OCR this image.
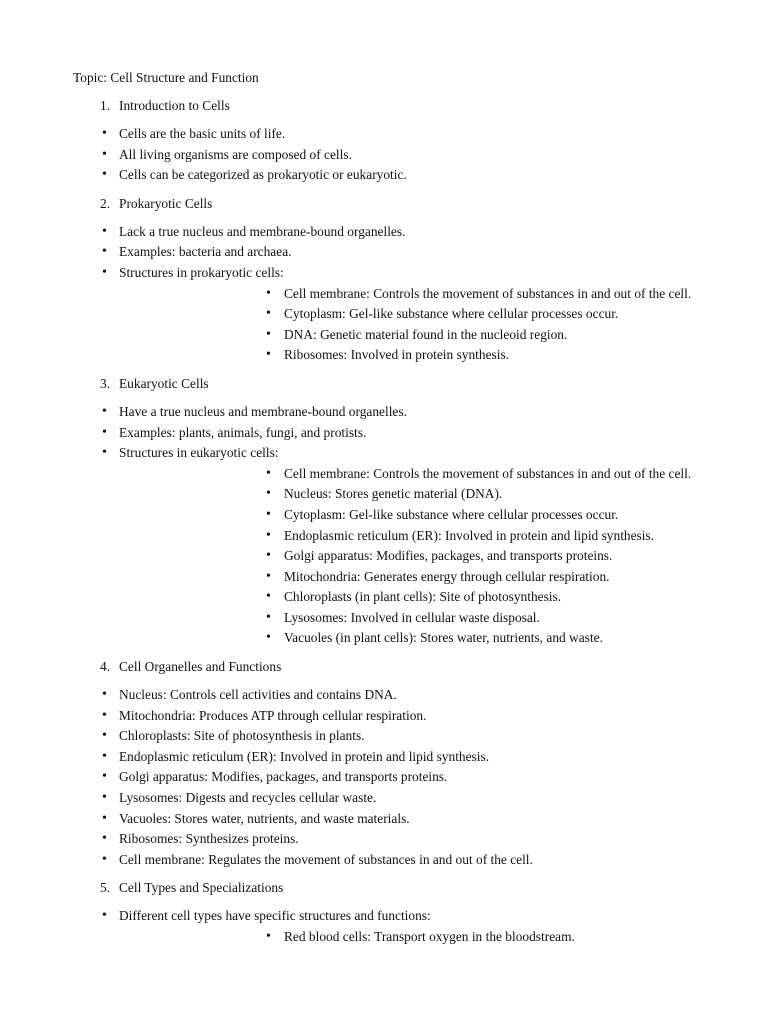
Topic: Cell Structure and Function
1. Introduction to Cells
• Cells are the basic units of life.
• All living organisms are composed of cells.
• Cells can be categorized as prokaryotic or eukaryotic.
2. Prokaryotic Cells
• Lack a true nucleus and membrane-bound organelles.
• Examples: bacteria and archaea.
• Structures in prokaryotic cells:
• Cell membrane: Controls the movement of substances in and out of the cell.
• Cytoplasm: Gel-like substance where cellular processes occur.
• DNA: Genetic material found in the nucleoid region.
• Ribosomes: Involved in protein synthesis.
3. Eukaryotic Cells
• Have a true nucleus and membrane-bound organelles.
• Examples: plants, animals, fungi, and protists.
• Structures in eukaryotic cells:
• Cell membrane: Controls the movement of substances in and out of the cell.
• Nucleus: Stores genetic material (DNA).
• Cytoplasm: Gel-like substance where cellular processes occur.
• Endoplasmic reticulum (ER): Involved in protein and lipid synthesis.
• Golgi apparatus: Modifies, packages, and transports proteins.
• Mitochondria: Generates energy through cellular respiration.
• Chloroplasts (in plant cells): Site of photosynthesis.
• Lysosomes: Involved in cellular waste disposal.
• Vacuoles (in plant cells): Stores water, nutrients, and waste.
4. Cell Organelles and Functions
• Nucleus: Controls cell activities and contains DNA.
• Mitochondria: Produces ATP through cellular respiration.
• Chloroplasts: Site of photosynthesis in plants.
• Endoplasmic reticulum (ER): Involved in protein and lipid synthesis.
• Golgi apparatus: Modifies, packages, and transports proteins.
• Lysosomes: Digests and recycles cellular waste.
• Vacuoles: Stores water, nutrients, and waste materials.
• Ribosomes: Synthesizes proteins.
• Cell membrane: Regulates the movement of substances in and out of the cell.
5. Cell Types and Specializations
• Different cell types have specific structures and functions:
• Red blood cells: Transport oxygen in the bloodstream.
